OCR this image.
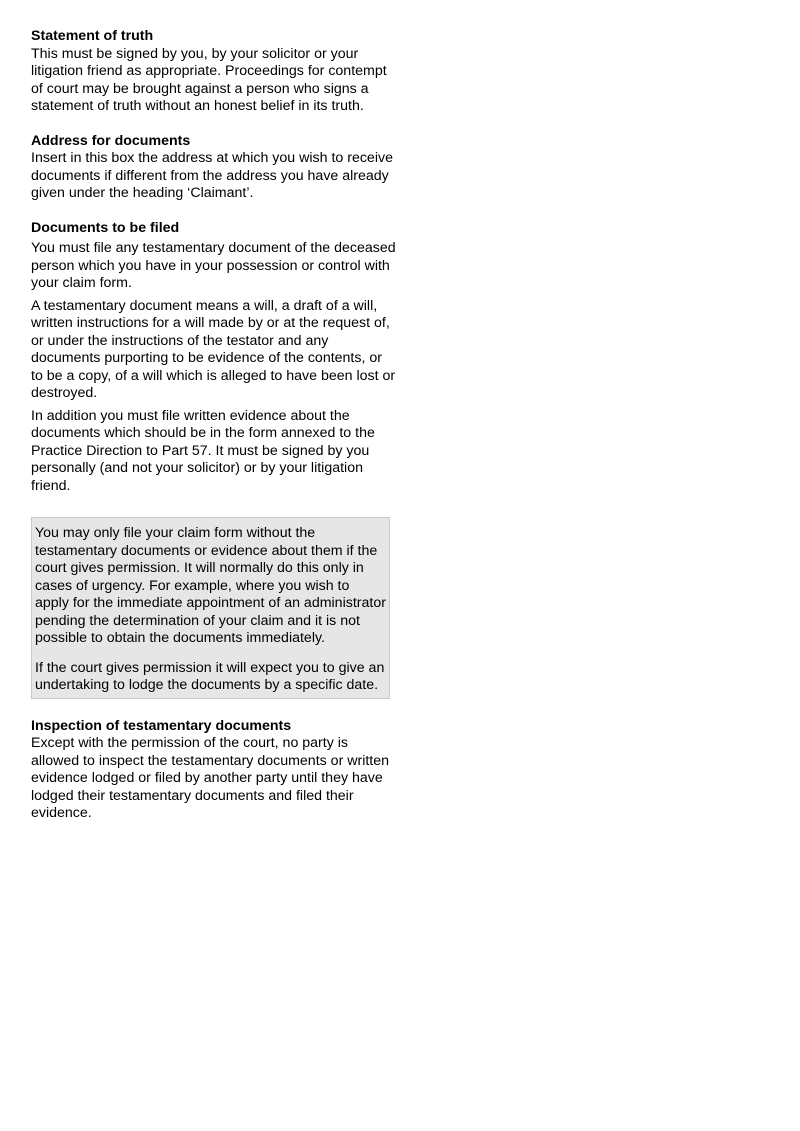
Statement of truth

This must be signed by you, by your solicitor or your litigation friend as appropriate. Proceedings for contempt of court may be brought against a person who signs a statement of truth without an honest belief in its truth.

Address for documents

Insert in this box the address at which you wish to receive documents if different from the address you have already given under the heading ‘Claimant’.

Documents to be filed

You must file any testamentary document of the deceased person which you have in your possession or control with your claim form.

A testamentary document means a will, a draft of a will, written instructions for a will made by or at the request of, or under the instructions of the testator and any documents purporting to be evidence of the contents, or to be a copy, of a will which is alleged to have been lost or destroyed.

In addition you must file written evidence about the documents which should be in the form annexed to the Practice Direction to Part 57. It must be signed by you personally (and not your solicitor) or by your litigation friend.

You may only file your claim form without the testamentary documents or evidence about them if the court gives permission. It will normally do this only in cases of urgency. For example, where you wish to apply for the immediate appointment of an administrator pending the determination of your claim and it is not possible to obtain the documents immediately.

If the court gives permission it will expect you to give an undertaking to lodge the documents by a specific date.

Inspection of testamentary documents

Except with the permission of the court, no party is allowed to inspect the testamentary documents or written evidence lodged or filed by another party until they have lodged their testamentary documents and filed their evidence.
